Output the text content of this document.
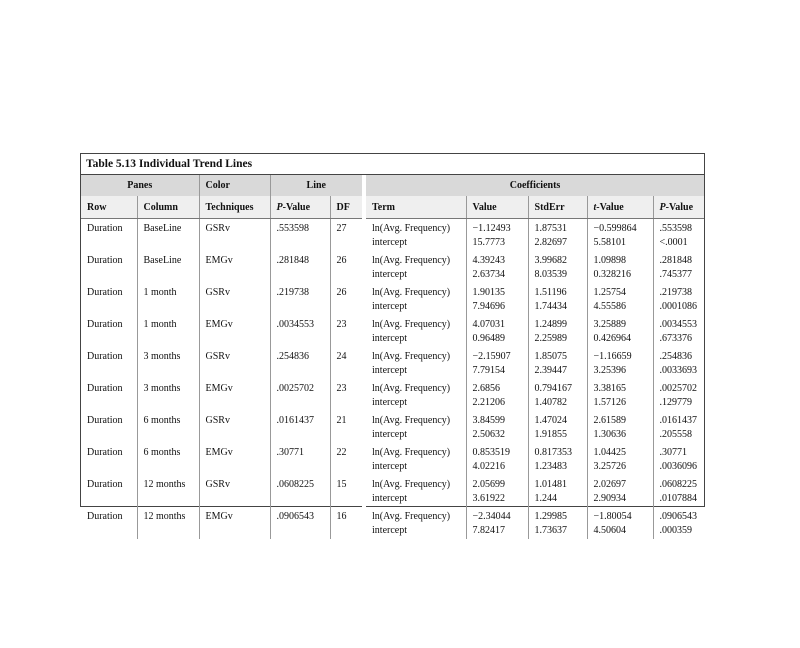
Table 5.13 Individual Trend Lines
Panes		Color	Line		Coefficients				
Row	Column	Techniques	P-Value	DF	Term	Value	StdErr	t-Value	P-Value
Duration	BaseLine	GSRv	.553598	27	ln(Avg. Frequency)	−1.12493	1.87531	−0.599864	.553598
					intercept	15.7773	2.82697	5.58101	<.0001
Duration	BaseLine	EMGv	.281848	26	ln(Avg. Frequency)	4.39243	3.99682	1.09898	.281848
					intercept	2.63734	8.03539	0.328216	.745377
Duration	1 month	GSRv	.219738	26	ln(Avg. Frequency)	1.90135	1.51196	1.25754	.219738
					intercept	7.94696	1.74434	4.55586	.0001086
Duration	1 month	EMGv	.0034553	23	ln(Avg. Frequency)	4.07031	1.24899	3.25889	.0034553
					intercept	0.96489	2.25989	0.426964	.673376
Duration	3 months	GSRv	.254836	24	ln(Avg. Frequency)	−2.15907	1.85075	−1.16659	.254836
					intercept	7.79154	2.39447	3.25396	.0033693
Duration	3 months	EMGv	.0025702	23	ln(Avg. Frequency)	2.6856	0.794167	3.38165	.0025702
					intercept	2.21206	1.40782	1.57126	.129779
Duration	6 months	GSRv	.0161437	21	ln(Avg. Frequency)	3.84599	1.47024	2.61589	.0161437
					intercept	2.50632	1.91855	1.30636	.205558
Duration	6 months	EMGv	.30771	22	ln(Avg. Frequency)	0.853519	0.817353	1.04425	.30771
					intercept	4.02216	1.23483	3.25726	.0036096
Duration	12 months	GSRv	.0608225	15	ln(Avg. Frequency)	2.05699	1.01481	2.02697	.0608225
					intercept	3.61922	1.244	2.90934	.0107884
Duration	12 months	EMGv	.0906543	16	ln(Avg. Frequency)	−2.34044	1.29985	−1.80054	.0906543
					intercept	7.82417	1.73637	4.50604	.000359
